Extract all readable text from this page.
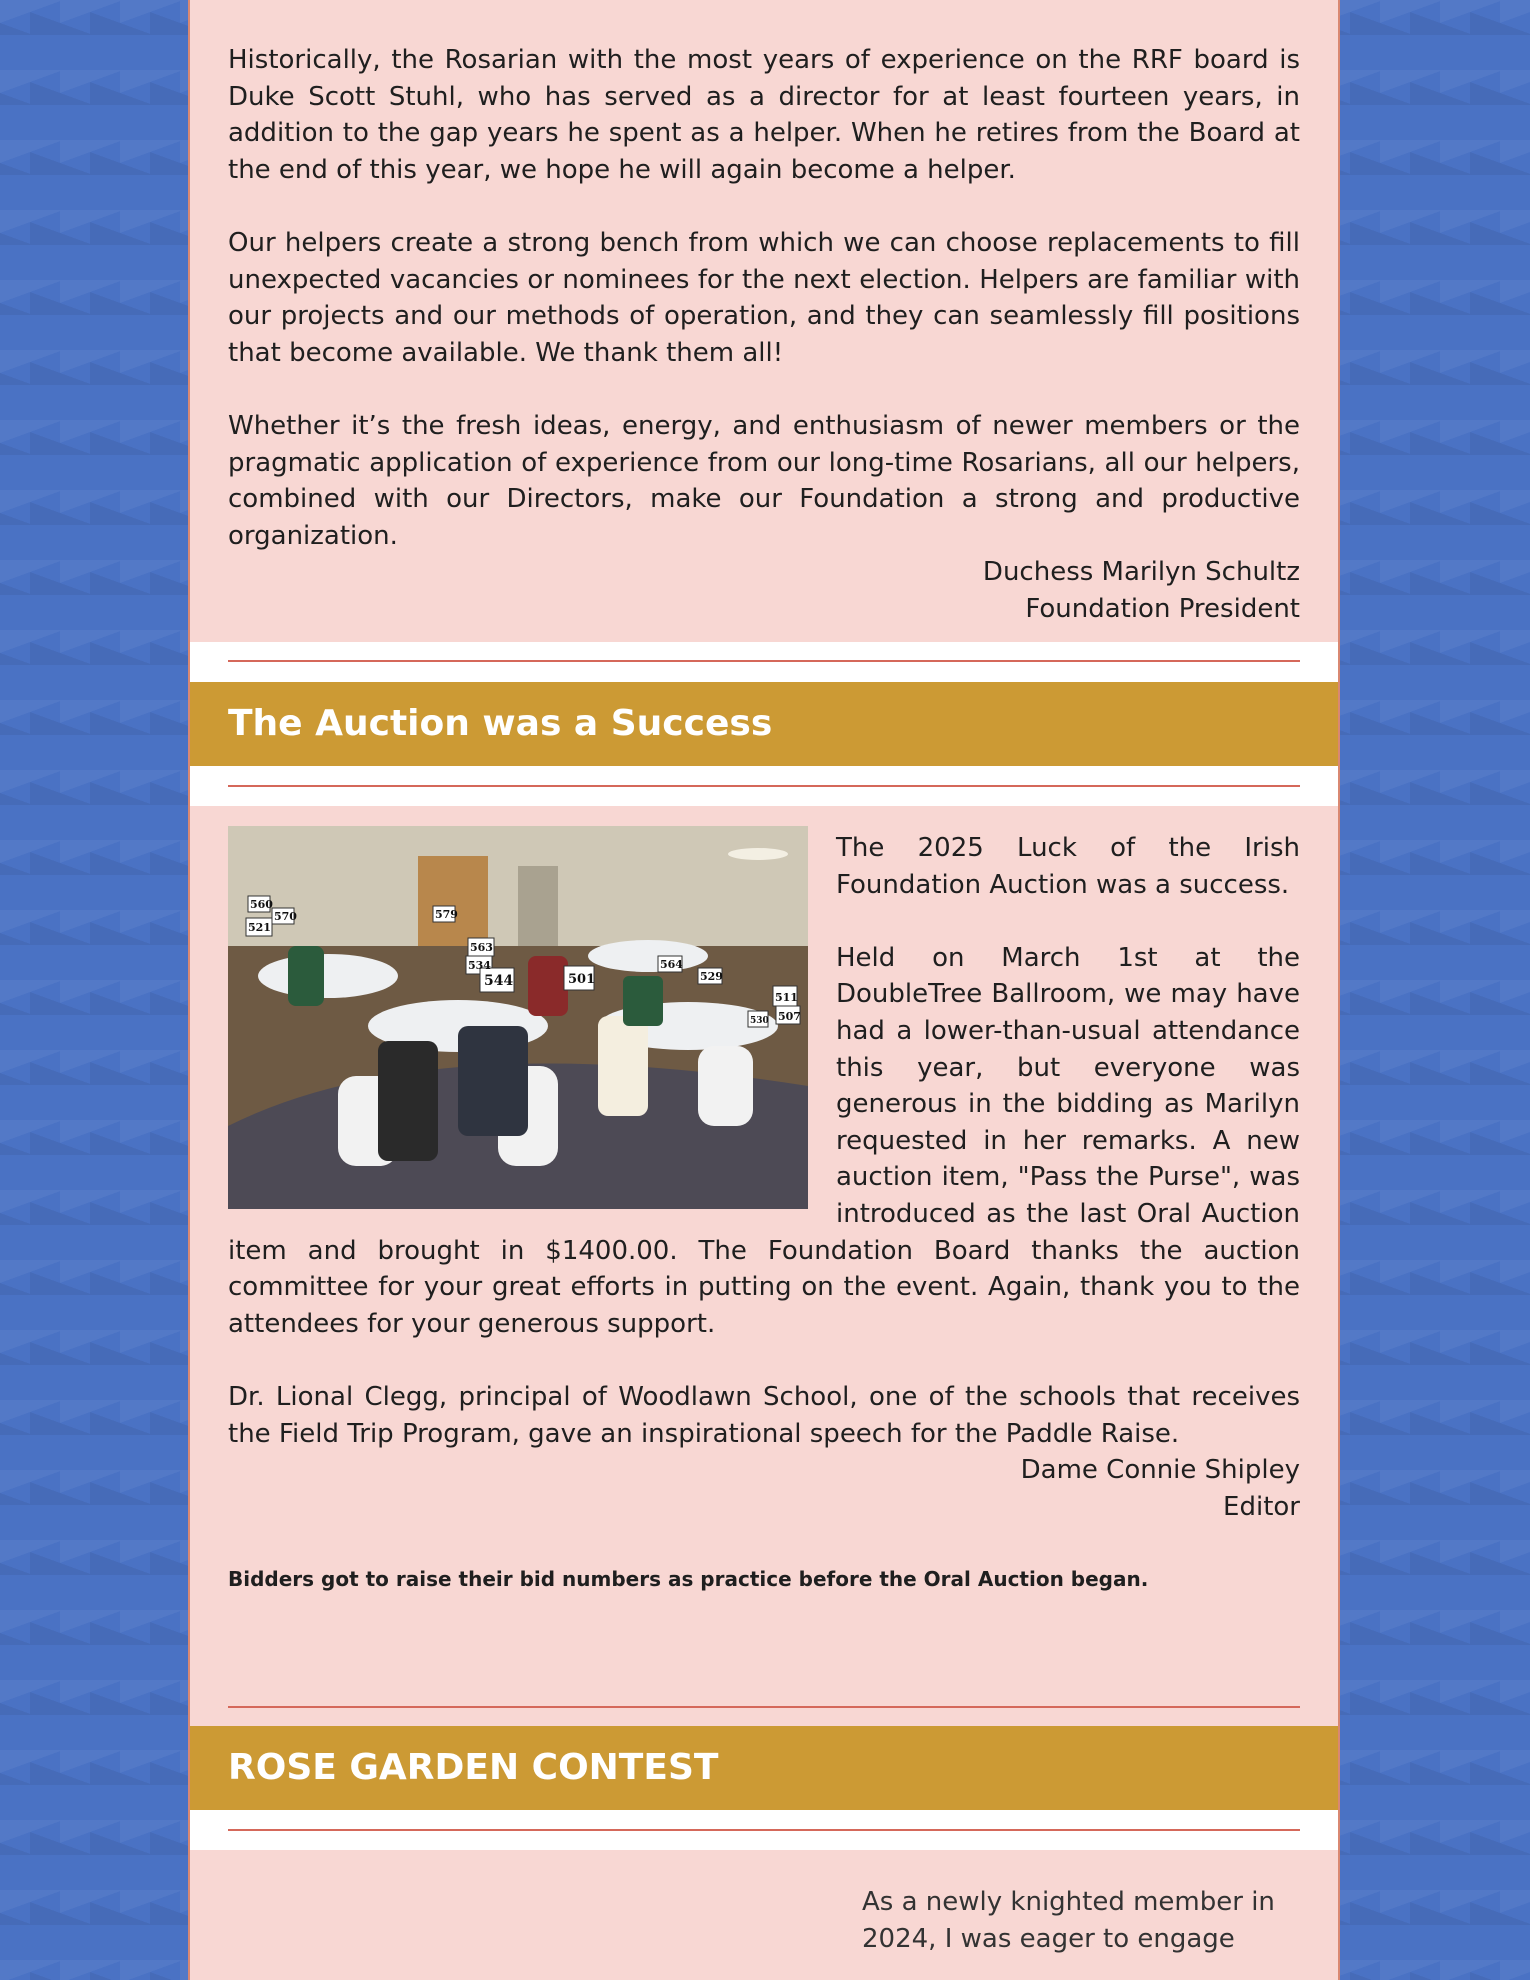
Historically, the Rosarian with the most years of experience on the RRF board is Duke Scott Stuhl, who has served as a director for at least fourteen years, in addition to the gap years he spent as a helper. When he retires from the Board at the end of this year, we hope he will again become a helper.

Our helpers create a strong bench from which we can choose replacements to fill unexpected vacancies or nominees for the next election. Helpers are familiar with our projects and our methods of operation, and they can seamlessly fill positions that become available. We thank them all!

Whether it’s the fresh ideas, energy, and enthusiasm of newer members or the pragmatic application of experience from our long-time Rosarians, all our helpers, combined with our Directors, make our Foundation a strong and productive organization.

Duchess Marilyn Schultz
Foundation President
The Auction was a Success
560
521
570	579
563
534
544	501
564
529
511
507
530

The 2025 Luck of the Irish Foundation Auction was a success.

Held on March 1st at the DoubleTree Ballroom, we may have had a lower-than-usual attendance this year, but everyone was generous in the bidding as Marilyn requested in her remarks. A new auction item, "Pass the Purse", was introduced as the last Oral Auction item and brought in $1400.00. The Foundation Board thanks the auction committee for your great efforts in putting on the event. Again, thank you to the attendees for your generous support.

Dr. Lional Clegg, principal of Woodlawn School, one of the schools that receives the Field Trip Program, gave an inspirational speech for the Paddle Raise.

Dame Connie Shipley
Editor

Bidders got to raise their bid numbers as practice before the Oral Auction began.

ROSE GARDEN CONTEST
As a newly knighted member in 2024, I was eager to engage
